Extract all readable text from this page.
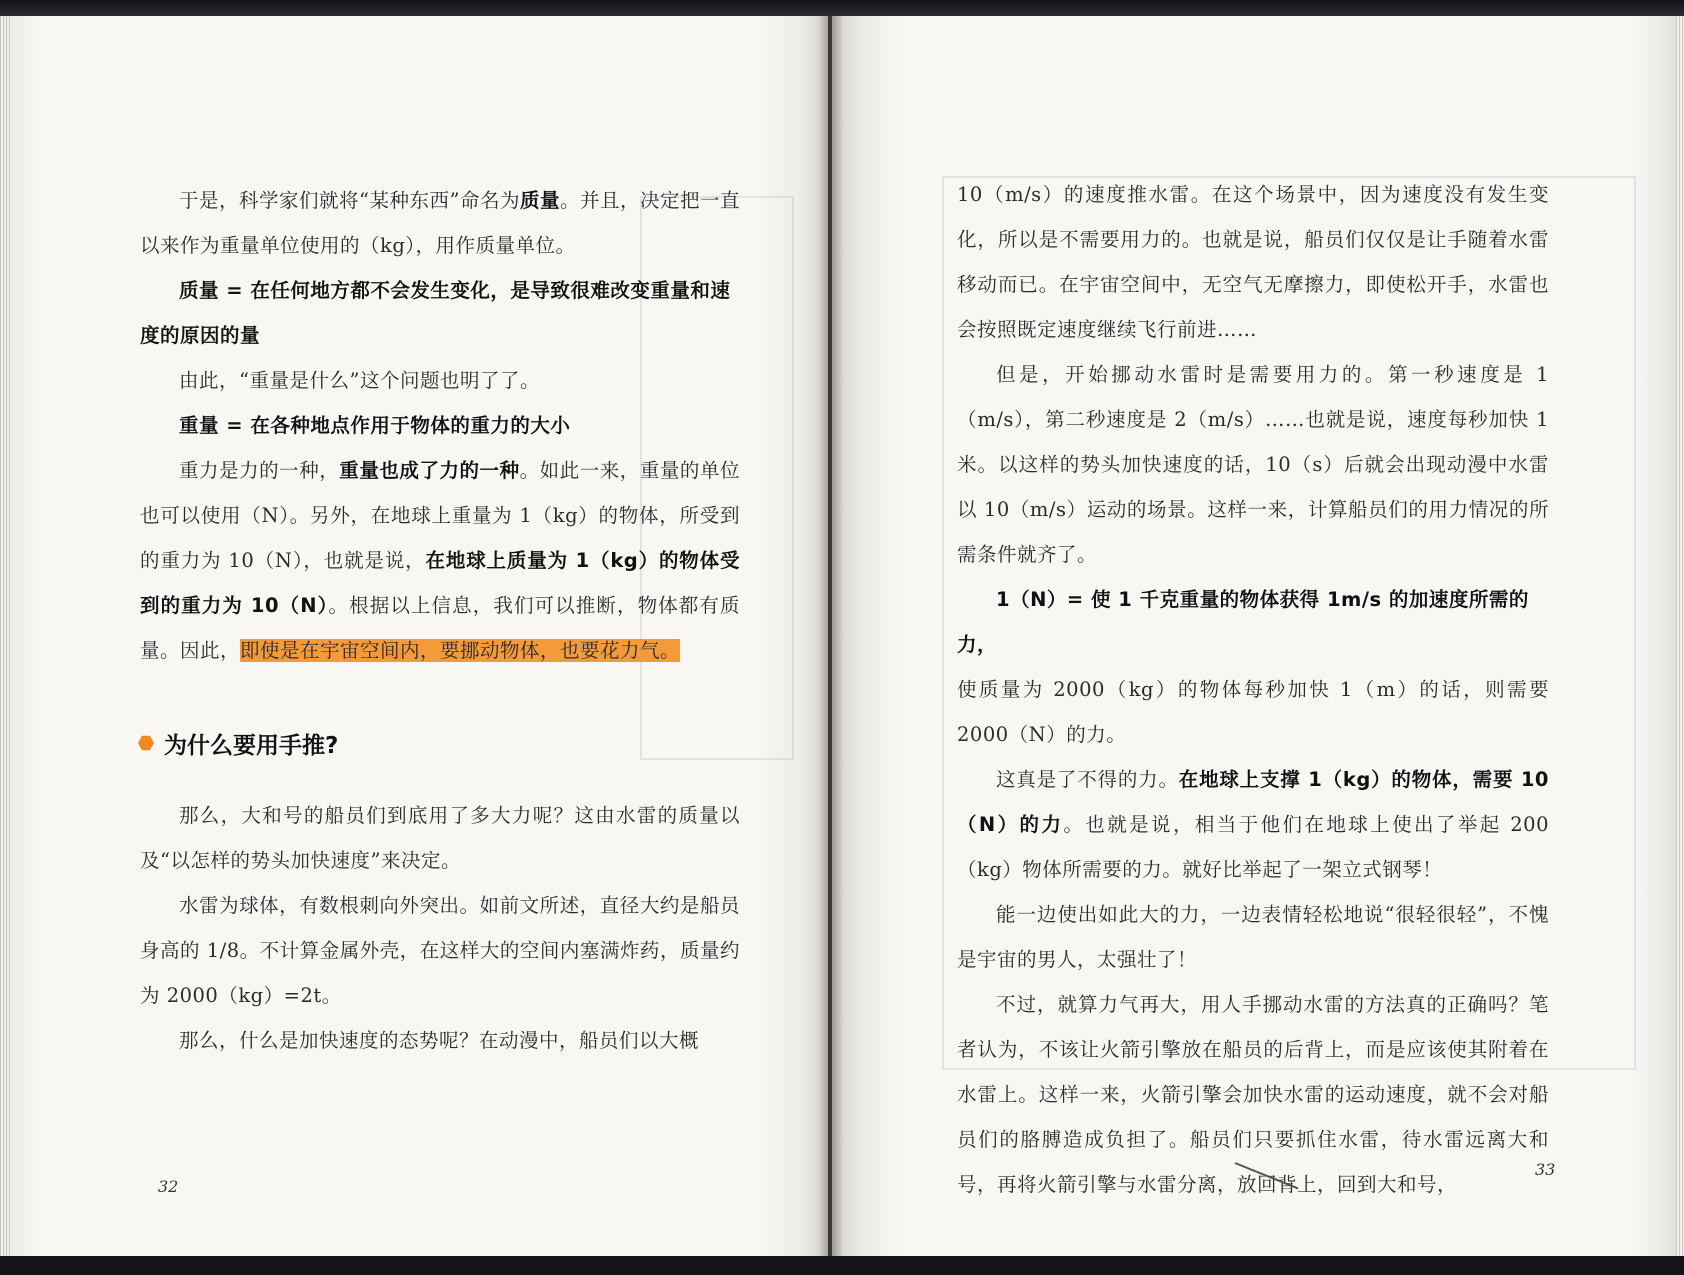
于是，科学家们就将“某种东西”命名为质量。并且，决定把一直以来作为重量单位使用的（kg），用作质量单位。

质量 = 在任何地方都不会发生变化，是导致很难改变重量和速度的原因的量

由此，“重量是什么”这个问题也明了了。

重量 = 在各种地点作用于物体的重力的大小

重力是力的一种，重量也成了力的一种。如此一来，重量的单位也可以使用（N）。另外，在地球上重量为 1（kg）的物体，所受到的重力为 10（N），也就是说，在地球上质量为 1（kg）的物体受到的重力为 10（N）。根据以上信息，我们可以推断，物体都有质量。因此，即使是在宇宙空间内，要挪动物体，也要花力气。

为什么要用手推?

那么，大和号的船员们到底用了多大力呢？这由水雷的质量以及“以怎样的势头加快速度”来决定。

水雷为球体，有数根刺向外突出。如前文所述，直径大约是船员身高的 1/8。不计算金属外壳，在这样大的空间内塞满炸药，质量约为 2000（kg）=2t。

那么，什么是加快速度的态势呢？在动漫中，船员们以大概

10（m/s）的速度推水雷。在这个场景中，因为速度没有发生变化，所以是不需要用力的。也就是说，船员们仅仅是让手随着水雷移动而已。在宇宙空间中，无空气无摩擦力，即使松开手，水雷也会按照既定速度继续飞行前进……

但是，开始挪动水雷时是需要用力的。第一秒速度是 1（m/s），第二秒速度是 2（m/s）……也就是说，速度每秒加快 1 米。以这样的势头加快速度的话，10（s）后就会出现动漫中水雷以 10（m/s）运动的场景。这样一来，计算船员们的用力情况的所需条件就齐了。

1（N）= 使 1 千克重量的物体获得 1m/s 的加速度所需的力，

使质量为 2000（kg）的物体每秒加快 1（m）的话，则需要 2000（N）的力。

这真是了不得的力。在地球上支撑 1（kg）的物体，需要 10（N）的力。也就是说，相当于他们在地球上使出了举起 200（kg）物体所需要的力。就好比举起了一架立式钢琴！

能一边使出如此大的力，一边表情轻松地说“很轻很轻”，不愧是宇宙的男人，太强壮了！

不过，就算力气再大，用人手挪动水雷的方法真的正确吗？笔者认为，不该让火箭引擎放在船员的后背上，而是应该使其附着在水雷上。这样一来，火箭引擎会加快水雷的运动速度，就不会对船员们的胳膊造成负担了。船员们只要抓住水雷，待水雷远离大和号，再将火箭引擎与水雷分离，放回背上，回到大和号，

32
33
